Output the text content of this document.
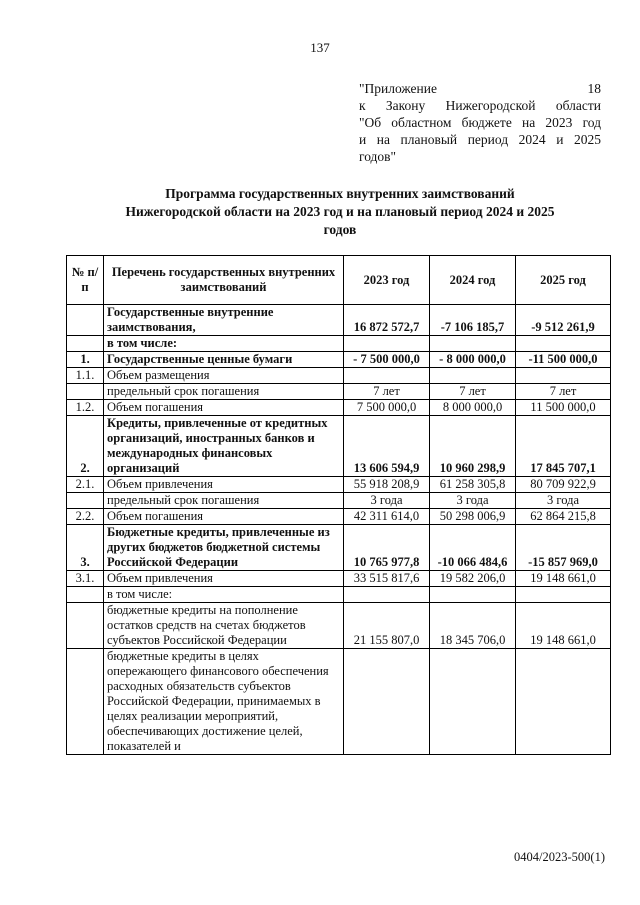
137
"Приложение 18
к Закону Нижегородской области
"Об областном бюджете на 2023 год
и на плановый период 2024 и 2025
годов"
Программа государственных внутренних заимствований
Нижегородской области на 2023 год и на плановый период 2024 и 2025
годов
№ п/п	Перечень государственных внутренних заимствований	2023 год	2024 год	2025 год
	Государственные внутренние заимствования,	16 872 572,7	-7 106 185,7	-9 512 261,9
	в том числе:			
1.	Государственные ценные бумаги	- 7 500 000,0	- 8 000 000,0	-11 500 000,0
1.1.	Объем размещения			
	предельный срок погашения	7 лет	7 лет	7 лет
1.2.	Объем погашения	7 500 000,0	8 000 000,0	11 500 000,0
2.	Кредиты, привлеченные от кредитных организаций, иностранных банков и международных финансовых организаций	13 606 594,9	10 960 298,9	17 845 707,1
2.1.	Объем привлечения	55 918 208,9	61 258 305,8	80 709 922,9
	предельный срок погашения	3 года	3 года	3 года
2.2.	Объем погашения	42 311 614,0	50 298 006,9	62 864 215,8
3.	Бюджетные кредиты, привлеченные из других бюджетов бюджетной системы Российской Федерации	10 765 977,8	-10 066 484,6	-15 857 969,0
3.1.	Объем привлечения	33 515 817,6	19 582 206,0	19 148 661,0
	в том числе:			
	бюджетные кредиты на пополнение остатков средств на счетах бюджетов субъектов Российской Федерации	21 155 807,0	18 345 706,0	19 148 661,0
	бюджетные кредиты в целях опережающего финансового обеспечения расходных обязательств субъектов Российской Федерации, принимаемых в целях реализации мероприятий, обеспечивающих достижение целей, показателей и			
0404/2023-500(1)
